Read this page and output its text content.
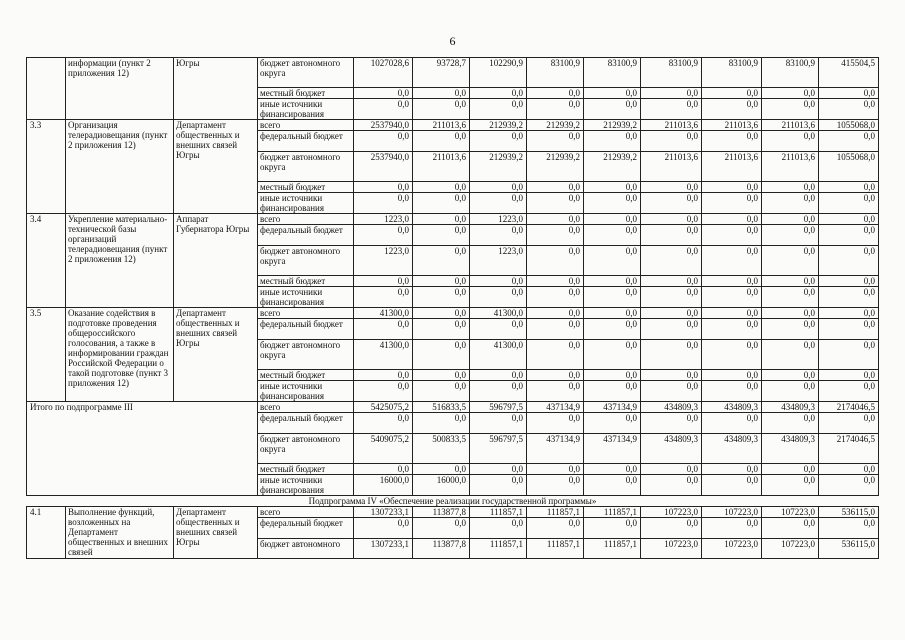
6
	информации (пункт 2 приложения 12)	Югры	бюджет автономного округа	1027028,6	93728,7	102290,9	83100,9	83100,9	83100,9	83100,9	83100,9	415504,5
			местный бюджет	0,0	0,0	0,0	0,0	0,0	0,0	0,0	0,0	0,0
			иные источники финансирования	0,0	0,0	0,0	0,0	0,0	0,0	0,0	0,0	0,0
3.3	Организация телерадиовещания (пункт 2 приложения 12)	Департамент общественных и внешних связей Югры	всего	2537940,0	211013,6	212939,2	212939,2	212939,2	211013,6	211013,6	211013,6	1055068,0
			федеральный бюджет	0,0	0,0	0,0	0,0	0,0	0,0	0,0	0,0	0,0
			бюджет автономного округа	2537940,0	211013,6	212939,2	212939,2	212939,2	211013,6	211013,6	211013,6	1055068,0
			местный бюджет	0,0	0,0	0,0	0,0	0,0	0,0	0,0	0,0	0,0
			иные источники финансирования	0,0	0,0	0,0	0,0	0,0	0,0	0,0	0,0	0,0
3.4	Укрепление материально-технической базы организаций телерадиовещания (пункт 2 приложения 12)	Аппарат Губернатора Югры	всего	1223,0	0,0	1223,0	0,0	0,0	0,0	0,0	0,0	0,0
			федеральный бюджет	0,0	0,0	0,0	0,0	0,0	0,0	0,0	0,0	0,0
			бюджет автономного округа	1223,0	0,0	1223,0	0,0	0,0	0,0	0,0	0,0	0,0
			местный бюджет	0,0	0,0	0,0	0,0	0,0	0,0	0,0	0,0	0,0
			иные источники финансирования	0,0	0,0	0,0	0,0	0,0	0,0	0,0	0,0	0,0
3.5	Оказание содействия в подготовке проведения общероссийского голосования, а также в информировании граждан Российской Федерации о такой подготовке (пункт 3 приложения 12)	Департамент общественных и внешних связей Югры	всего	41300,0	0,0	41300,0	0,0	0,0	0,0	0,0	0,0	0,0
			федеральный бюджет	0,0	0,0	0,0	0,0	0,0	0,0	0,0	0,0	0,0
			бюджет автономного округа	41300,0	0,0	41300,0	0,0	0,0	0,0	0,0	0,0	0,0
			местный бюджет	0,0	0,0	0,0	0,0	0,0	0,0	0,0	0,0	0,0
			иные источники финансирования	0,0	0,0	0,0	0,0	0,0	0,0	0,0	0,0	0,0
Итого по подпрограмме III			всего	5425075,2	516833,5	596797,5	437134,9	437134,9	434809,3	434809,3	434809,3	2174046,5
			федеральный бюджет	0,0	0,0	0,0	0,0	0,0	0,0	0,0	0,0	0,0
			бюджет автономного округа	5409075,2	500833,5	596797,5	437134,9	437134,9	434809,3	434809,3	434809,3	2174046,5
			местный бюджет	0,0	0,0	0,0	0,0	0,0	0,0	0,0	0,0	0,0
			иные источники финансирования	16000,0	16000,0	0,0	0,0	0,0	0,0	0,0	0,0	0,0
Подпрограмма IV «Обеспечение реализации государственной программы»												
4.1	Выполнение функций, возложенных на Департамент общественных и внешних связей	Департамент общественных и внешних связей Югры	всего	1307233,1	113877,8	111857,1	111857,1	111857,1	107223,0	107223,0	107223,0	536115,0
			федеральный бюджет	0,0	0,0	0,0	0,0	0,0	0,0	0,0	0,0	0,0
			бюджет автономного	1307233,1	113877,8	111857,1	111857,1	111857,1	107223,0	107223,0	107223,0	536115,0
